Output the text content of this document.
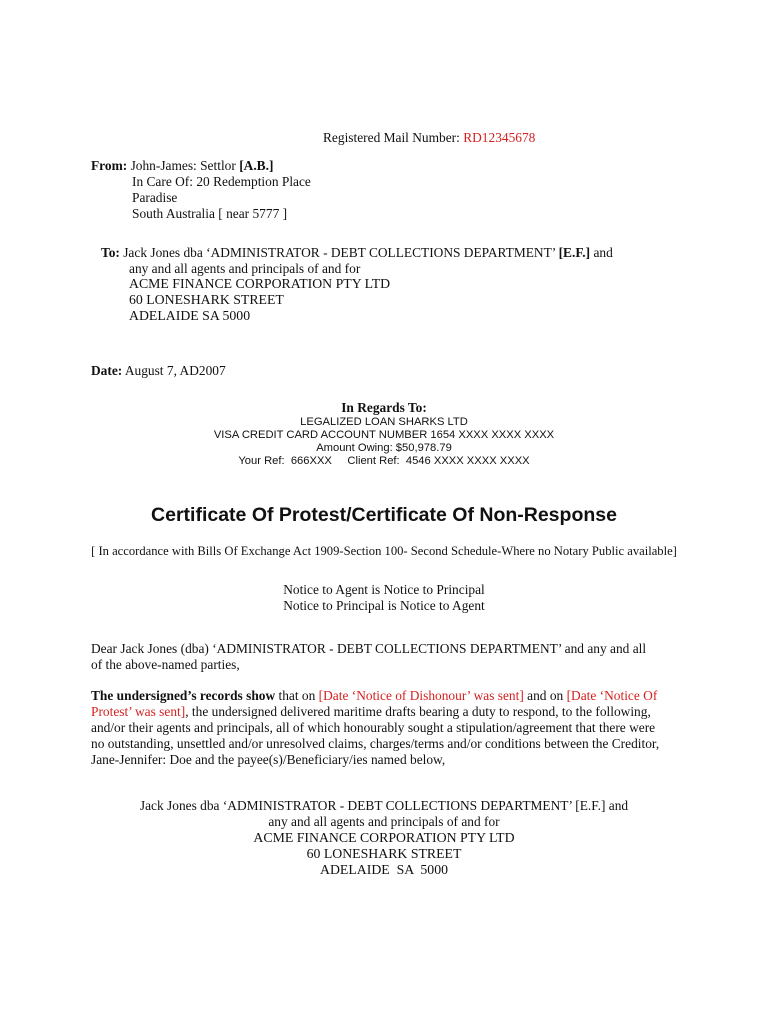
Registered Mail Number: RD12345678
From: John-James: Settlor [A.B.]
In Care Of: 20 Redemption Place
Paradise
South Australia [ near 5777 ]
To: Jack Jones dba ‘ADMINISTRATOR - DEBT COLLECTIONS DEPARTMENT’ [E.F.] and
any and all agents and principals of and for
ACME FINANCE CORPORATION PTY LTD
60 LONESHARK STREET
ADELAIDE SA 5000
Date: August 7, AD2007
In Regards To:
LEGALIZED LOAN SHARKS LTD
VISA CREDIT CARD ACCOUNT NUMBER 1654 XXXX XXXX XXXX
Amount Owing: $50,978.79
Your Ref:  666XXX     Client Ref:  4546 XXXX XXXX XXXX
Certificate Of Protest/Certificate Of Non-Response
[ In accordance with Bills Of Exchange Act 1909-Section 100- Second Schedule-Where no Notary Public available]
Notice to Agent is Notice to Principal
Notice to Principal is Notice to Agent
Dear Jack Jones (dba) ‘ADMINISTRATOR - DEBT COLLECTIONS DEPARTMENT’ and any and all
of the above-named parties,
The undersigned’s records show that on [Date ‘Notice of Dishonour’ was sent] and on [Date ‘Notice Of
Protest’ was sent], the undersigned delivered maritime drafts bearing a duty to respond, to the following,
and/or their agents and principals, all of which honourably sought a stipulation/agreement that there were
no outstanding, unsettled and/or unresolved claims, charges/terms and/or conditions between the Creditor,
Jane-Jennifer: Doe and the payee(s)/Beneficiary/ies named below,
Jack Jones dba ‘ADMINISTRATOR - DEBT COLLECTIONS DEPARTMENT’ [E.F.] and
any and all agents and principals of and for
ACME FINANCE CORPORATION PTY LTD
60 LONESHARK STREET
ADELAIDE  SA  5000
